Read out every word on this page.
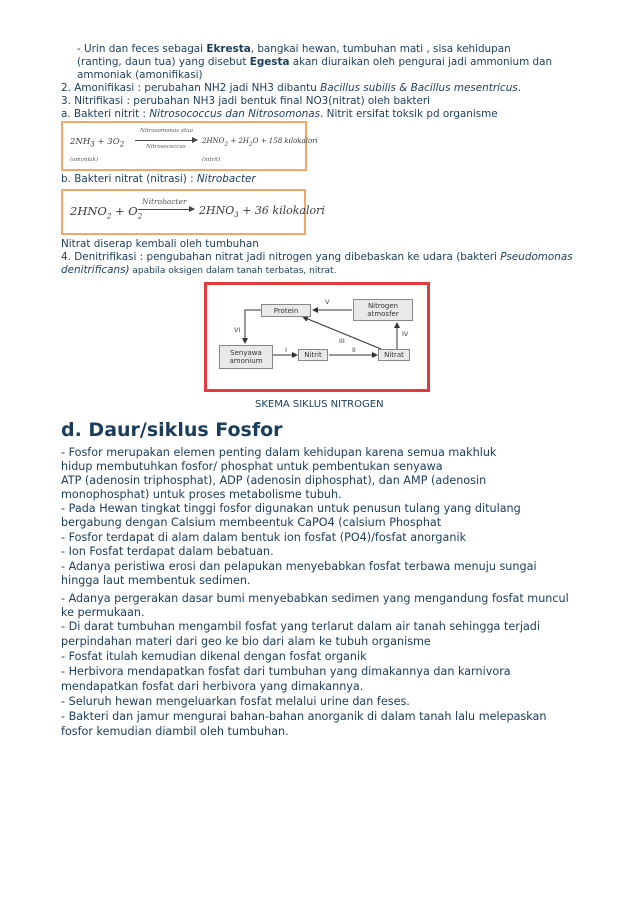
- Urin dan feces sebagai Ekresta, bangkai hewan, tumbuhan mati , sisa kehidupan
(ranting, daun tua) yang disebut Egesta akan diuraikan oleh pengurai jadi ammonium dan
ammoniak (amonifikasi)
2. Amonifikasi : perubahan NH2 jadi NH3 dibantu Bacillus subilis & Bacillus mesentricus.
3. Nitrifikasi : perubahan NH3 jadi bentuk final NO3(nitrat) oleh bakteri
a. Bakteri nitrit : Nitrosococcus dan Nitrosomonas. Nitrit ersifat toksik pd organisme
$2NH_3 + 3O_2$
Nitrosomonas atau
Nitrosococcus
$2HNO_2 + 2H_2O + 158$ kilokalori
(amoniak)	(nitrit)
b. Bakteri nitrat (nitrasi) : Nitrobacter
$2HNO_2 + O_2$
Nitrobacter
$2HNO_3 + 36$ kilokalori
Nitrat diserap kembali oleh tumbuhan
4. Denitrifikasi : pengubahan nitrat jadi nitrogen yang dibebaskan ke udara (bakteri Pseudomonas
denitrificans) apabila oksigen dalam tanah terbatas, nitrat.
Protein
Nitrogen
atmosfer
Senyawa
amonium
Nitrit	Nitrat
V
VI
I
III
II
IV
SKEMA SIKLUS NITROGEN
d. Daur/siklus Fosfor
- Fosfor merupakan elemen penting dalam kehidupan karena semua makhluk
hidup membutuhkan fosfor/ phosphat untuk pembentukan senyawa
ATP (adenosin triphosphat), ADP (adenosin diphosphat), dan AMP (adenosin
monophosphat) untuk proses metabolisme tubuh.
- Pada Hewan tingkat tinggi fosfor digunakan untuk penusun tulang yang ditulang
bergabung dengan Calsium membeentuk CaPO4 (calsium Phosphat
- Fosfor terdapat di alam dalam bentuk ion fosfat (PO4)/fosfat anorganik
- Ion Fosfat terdapat dalam bebatuan.
- Adanya peristiwa erosi dan pelapukan menyebabkan fosfat terbawa menuju sungai
hingga laut membentuk sedimen.
- Adanya pergerakan dasar bumi menyebabkan sedimen yang mengandung fosfat muncul
ke permukaan.
- Di darat tumbuhan mengambil fosfat yang terlarut dalam air tanah sehingga terjadi
perpindahan materi dari geo ke bio dari alam ke tubuh organisme
- Fosfat itulah kemudian dikenal dengan fosfat organik
- Herbivora mendapatkan fosfat dari tumbuhan yang dimakannya dan karnivora
mendapatkan fosfat dari herbivora yang dimakannya.
- Seluruh hewan mengeluarkan fosfat melalui urine dan feses.
- Bakteri dan jamur mengurai bahan-bahan anorganik di dalam tanah lalu melepaskan
fosfor kemudian diambil oleh tumbuhan.
